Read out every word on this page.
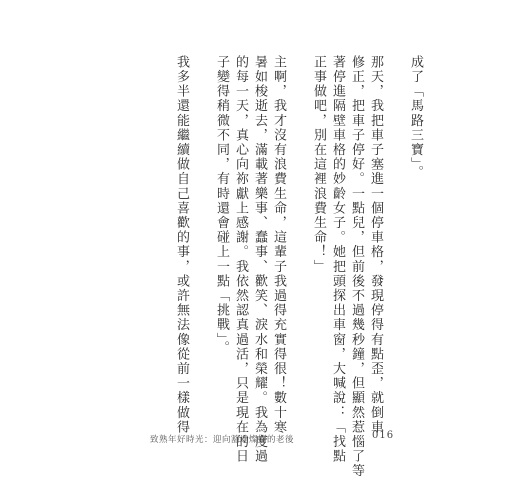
成了「馬路三寶」。
那天，我把車子塞進一個停車格，發現停得有點歪，就倒車
修正，把車子停好。一點兒，但前後不過幾秒鐘，但顯然惹惱了等
著停進隔壁車格的妙齡女子。她把頭探出車窗，大喊說：「找點
正事做吧，別在這裡浪費生命！」
主啊，我才沒有浪費生命，這輩子我過得充實得很！數十寒
暑如梭逝去，滿載著樂事、蠢事、歡笑、淚水和榮耀。我為度過
的每一天，真心向祢獻上感謝。我依然認真過活，只是現在的日
子變得稍微不同，有時還會碰上一點「挑戰」。
我多半還能繼續做自己喜歡的事，或許無法像從前一樣做得
致熟年好時光：迎向豁達燦爛的老後	016
